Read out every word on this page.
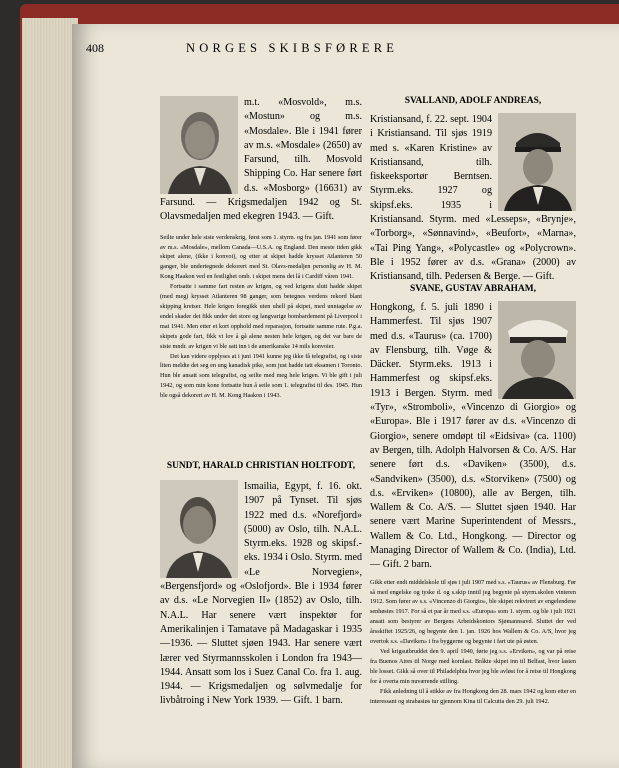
408	NORGES SKIBSFØRERE

m.t. «Mosvold», m.s. «Mostun» og m.s. «Mosdale». Ble i 1941 fører av m.s. «Mosdale» (2650) av Farsund, tilh. Mosvold Shipping Co. Har senere ført d.s. «Mosborg» (16631) av Farsund. — Krigsmedaljen 1942 og St. Olavsmedaljen med ekegren 1943. — Gift.

Seilte under hele siste verdenskrig, først som 1. styrm. og fra jan. 1941 som fører av m.s. «Mosdale», mellom Canada—U.S.A. og England. Den meste tiden gikk skipet alene, (ikke i konvoi), og etter at skipet hadde krysset Atlanteren 50 ganger, ble undertegnede dekorert med St. Olavs-medaljen personlig av H. M. Kong Haakon ved en festlighet omb. i skipet mens det lå i Cardiff våren 1941.

Fortsatte i samme fart resten av krigen, og ved krigens slutt hadde skipet (med meg) krysset Atlanteren 98 ganger, som betegnes verdens rekord blant skipping kretser. Hele krigen foregikk uten uhell på skipet, med unntagelse av endel skader det fikk under det store og langvarige bombardement på Liverpool i mai 1941. Men etter et kort opphold med reparasjon, fortsatte samme rute. P.g.a. skipets gode fart, fikk vi lov å gå alene nesten hele krigen, og det var bare de siste mndr. av krigen vi ble satt inn i de amerikanske 14 mils konvoier.

Det kan videre opplyses at i juni 1941 kunne jeg ikke få telegrafist, og i siste liten meldte det seg en ung kanadisk pike, som just hadde tatt eksamen i Toronto. Hun ble ansatt som telegrafist, og seilte med meg hele krigen. Vi ble gift i juli 1942, og som min kone fortsatte hun å seile som 1. telegrafist til des. 1945. Hun ble også dekorert av H. M. Kong Haakon i 1943.

SUNDT, HARALD CHRISTIAN HOLTFODT,

Ismailia, Egypt, f. 16. okt. 1907 på Tynset. Til sjøs 1922 med d.s. «Norefjord» (5000) av Oslo, tilh. N.A.L. Styrm.eks. 1928 og skipsf.-eks. 1934 i Oslo. Styrm. med «Le Norvegien», «Bergensfjord» og «Oslofjord». Ble i 1934 fører av d.s. «Le Norvegien II» (1852) av Oslo, tilh. N.A.L. Har senere vært inspektør for Amerikalinjen i Tamatave på Madagaskar i 1935—1936. — Sluttet sjøen 1943. Har senere vært lærer ved Styrmannsskolen i London fra 1943—1944. Ansatt som los i Suez Canal Co. fra 1. aug. 1944. — Krigsmedaljen og sølvmedalje for livbåtroing i New York 1939. — Gift. 1 barn.

SVALLAND, ADOLF ANDREAS,

Kristiansand, f. 22. sept. 1904 i Kristiansand. Til sjøs 1919 med s. «Karen Kristine» av Kristiansand, tilh. fiskeeksportør Berntsen. Styrm.eks. 1927 og skipsf.eks. 1935 i Kristiansand. Styrm. med «Lesseps», «Brynje», «Torborg», «Sønnavind», «Beufort», «Marna», «Tai Ping Yang», «Polycastle» og «Polycrown». Ble i 1952 fører av d.s. «Grana» (2000) av Kristiansand, tilh. Pedersen & Berge. — Gift.

SVANE, GUSTAV ABRAHAM,

Hongkong, f. 5. juli 1890 i Hammerfest. Til sjøs 1907 med d.s. «Taurus» (ca. 1700) av Flensburg, tilh. Vøge & Däcker. Styrm.eks. 1913 i Hammerfest og skipsf.eks. 1913 i Bergen. Styrm. med «Tyr», «Stromboli», «Vincenzo di Giorgio» og «Europa». Ble i 1917 fører av d.s. «Vincenzo di Giorgio», senere omdøpt til «Eidsiva» (ca. 1100) av Bergen, tilh. Adolph Halvorsen & Co. A/S. Har senere ført d.s. «Daviken» (3500), d.s. «Sandviken» (3500), d.s. «Storviken» (7500) og d.s. «Erviken» (10800), alle av Bergen, tilh. Wallem & Co. A/S. — Sluttet sjøen 1940. Har senere vært Marine Superintendent of Messrs., Wallem & Co. Ltd., Hongkong. — Director og Managing Director of Wallem & Co. (India), Ltd. — Gift. 2 barn.

Gikk etter endt middelskole til sjøs i juli 1907 med s.s. «Taurus» av Flensburg. Før så med engelske og tyske d. og s.skip inntil jeg begynte på styrm.skolen vinteren 1912. Som fører av s.s. «Vincenzo di Giorgio», ble skipet rekvirert av engelendene senhøstes 1917. For så et par år med s.s. «Europa» som 1. styrm. og ble i juli 1921 ansatt som bestyrer av Bergens Arbeidskontors Sjømannsavd. Sluttet der ved årsskiftet 1925/26, og begynte den 1. jan. 1926 hos Wallem & Co. A/S, hvor jeg overtok s.s. «Daviken» i fra byggerne og begynte i fart ute på østen.

Ved krigsutbruddet den 9. april 1940, førte jeg s.s. «Erviken», og var på reise fra Buenos Aires til Norge med kornlast. Bråkte skipet inn til Belfast, hvor lasten ble losset. Gikk så over til Philadelphia hvor jeg ble avløst for å reise til Hongkong for å overta min nuværende stilling.

Fikk anledning til å stikke av fra Hongkong den 28. mars 1942 og kom etter en interessant og strabasiøs tur gjennom Kina til Calcutta den 29. juli 1942.
